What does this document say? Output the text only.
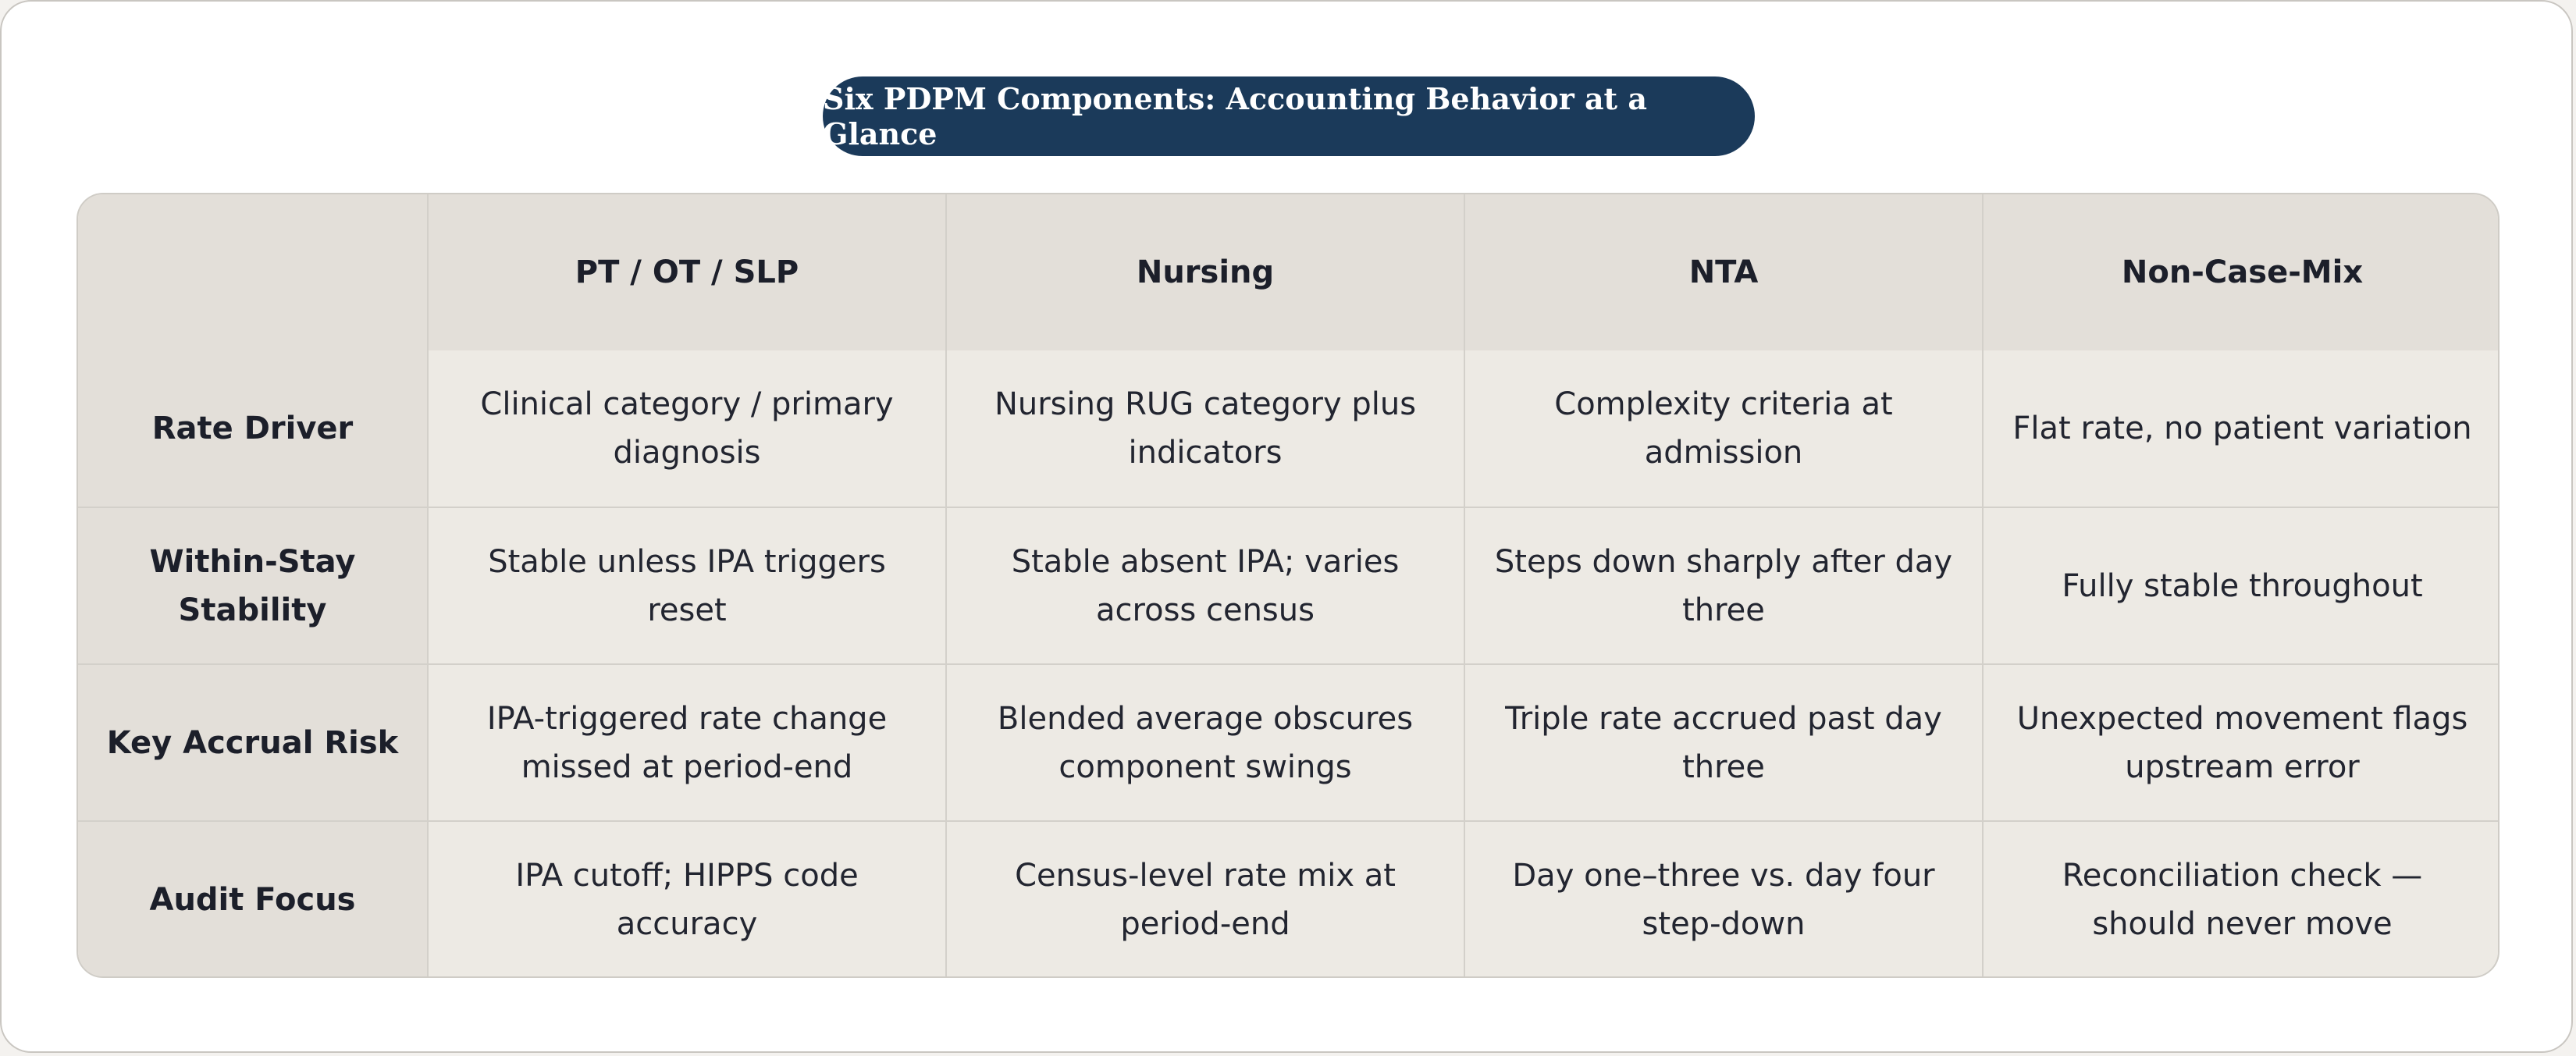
Six PDPM Components: Accounting Behavior at a Glance
	PT / OT / SLP	Nursing	NTA	Non-Case-Mix
Rate Driver	Clinical category / primary diagnosis	Nursing RUG category plus indicators	Complexity criteria at admission	Flat rate, no patient variation
Within-Stay Stability	Stable unless IPA triggers reset	Stable absent IPA; varies across census	Steps down sharply after day three	Fully stable throughout
Key Accrual Risk	IPA-triggered rate change missed at period-end	Blended average obscures component swings	Triple rate accrued past day three	Unexpected movement flags upstream error
Audit Focus	IPA cutoff; HIPPS code accuracy	Census-level rate mix at period-end	Day one–three vs. day four step-down	Reconciliation check — should never move
